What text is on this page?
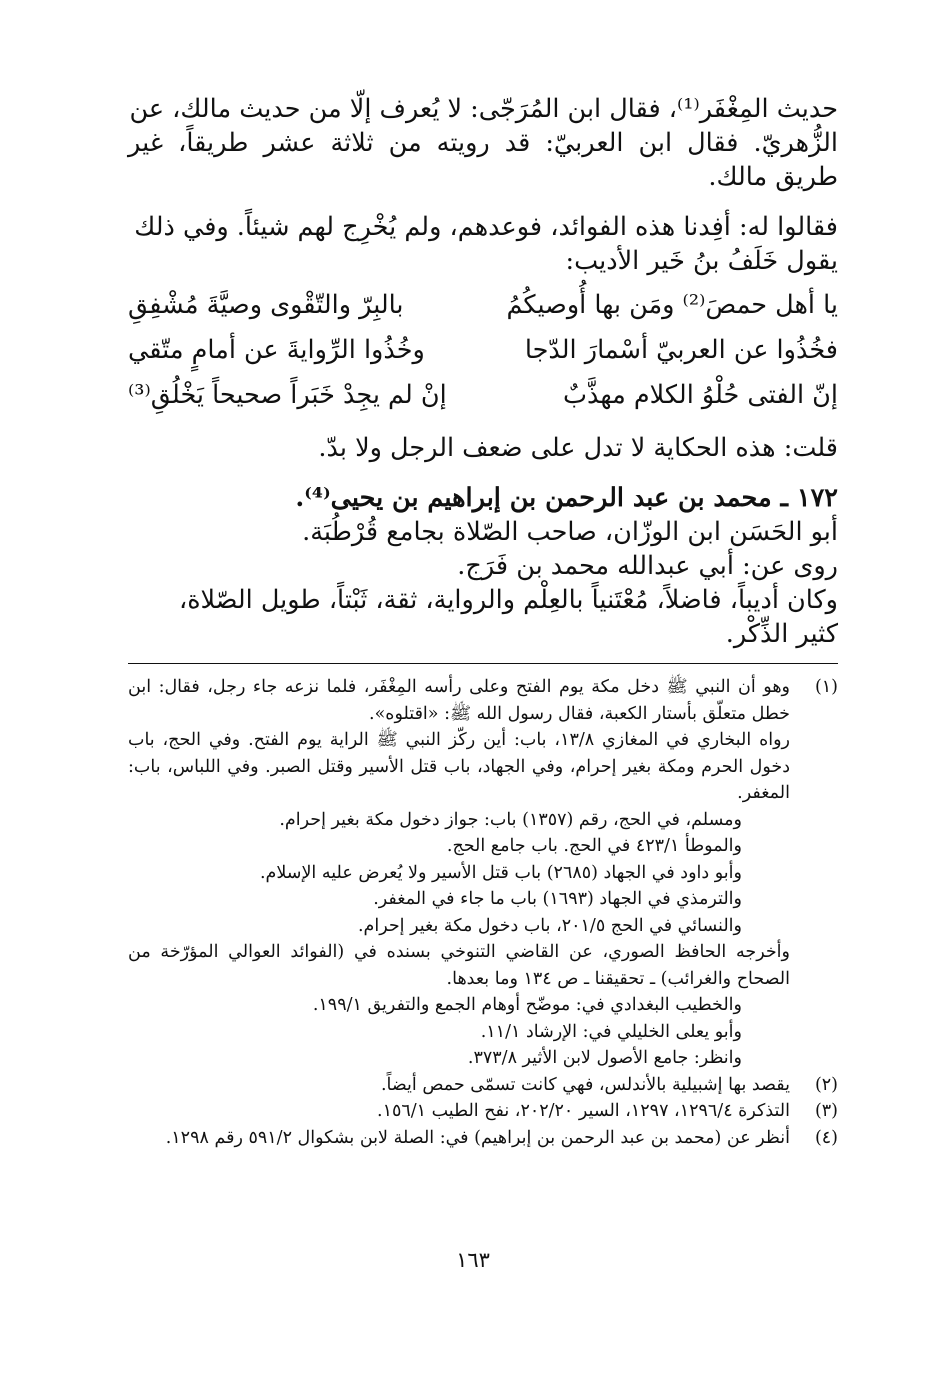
حديث المِغْفَر⁽¹⁾، فقال ابن المُرَجّى: لا يُعرف إلّا من حديث مالك، عن
الزُّهريّ. فقال ابن العربيّ: قد رويته من ثلاثة عشر طريقاً، غير طريق مالك.

فقالوا له: أفِدنا هذه الفوائد، فوعدهم، ولم يُخْرِج لهم شيئاً. وفي ذلك
يقول خَلَفُ بنُ خَير الأديب:

يا أهل حمصَ⁽²⁾ ومَن بها أُوصيكُمُ
بالبِرّ والتّقْوى وصيَّةَ مُشْفِقِ
فخُذُوا عن العربيّ أسْمارَ الدّجا
وخُذُوا الرِّوايةَ عن أمامٍ متّقي
إنّ الفتى حُلْوُ الكلام مهذَّبٌ
إنْ لم يجِدْ خَبَراً صحيحاً يَخْلُقِ⁽³⁾

قلت: هذه الحكاية لا تدل على ضعف الرجل ولا بدّ.

١٧٢ ـ محمد بن عبد الرحمن بن إبراهيم بن يحيى⁽⁴⁾.

أبو الحَسَن ابن الوزّان، صاحب الصّلاة بجامع قُرْطُبَة.

روى عن: أبي عبدالله محمد بن فَرَج.

وكان أديباً، فاضلاً، مُعْتَنياً بالعِلْم والرواية، ثقة، ثَبْتاً، طويل الصّلاة،
كثير الذِّكْر.

(١)

وهو أن النبي ﷺ دخل مكة يوم الفتح وعلى رأسه المِغْفَر، فلما نزعه جاء رجل، فقال: ابن خطل متعلّق بأستار الكعبة، فقال رسول الله ﷺ: «اقتلوه».

رواه البخاري في المغازي ١٣/٨، باب: أين ركّز النبي ﷺ الراية يوم الفتح. وفي الحج، باب دخول الحرم ومكة بغير إحرام، وفي الجهاد، باب قتل الأسير وقتل الصبر. وفي اللباس، باب: المغفر.

ومسلم، في الحج، رقم (١٣٥٧) باب: جواز دخول مكة بغير إحرام.

والموطأ ٤٢٣/١ في الحج. باب جامع الحج.

وأبو داود في الجهاد (٢٦٨٥) باب قتل الأسير ولا يُعرض عليه الإسلام.

والترمذي في الجهاد (١٦٩٣) باب ما جاء في المغفر.

والنسائي في الحج ٢٠١/٥، باب دخول مكة بغير إحرام.

وأخرجه الحافظ الصوري، عن القاضي التنوخي بسنده في (الفوائد العوالي المؤرّخة من الصحاح والغرائب) ـ تحقيقنا ـ ص ١٣٤ وما بعدها.

والخطيب البغدادي في: موضّح أوهام الجمع والتفريق ١٩٩/١.

وأبو يعلى الخليلي في: الإرشاد ١١/١.

وانظر: جامع الأصول لابن الأثير ٣٧٣/٨.

(٢)
يقصد بها إشبيلية بالأندلس، فهي كانت تسمّى حمص أيضاً.
(٣)
التذكرة ١٢٩٦/٤، ١٢٩٧، السير ٢٠٢/٢٠، نفح الطيب ١٥٦/١.
(٤)
أنظر عن (محمد بن عبد الرحمن بن إبراهيم) في: الصلة لابن بشكوال ٥٩١/٢ رقم ١٢٩٨.
١٦٣
